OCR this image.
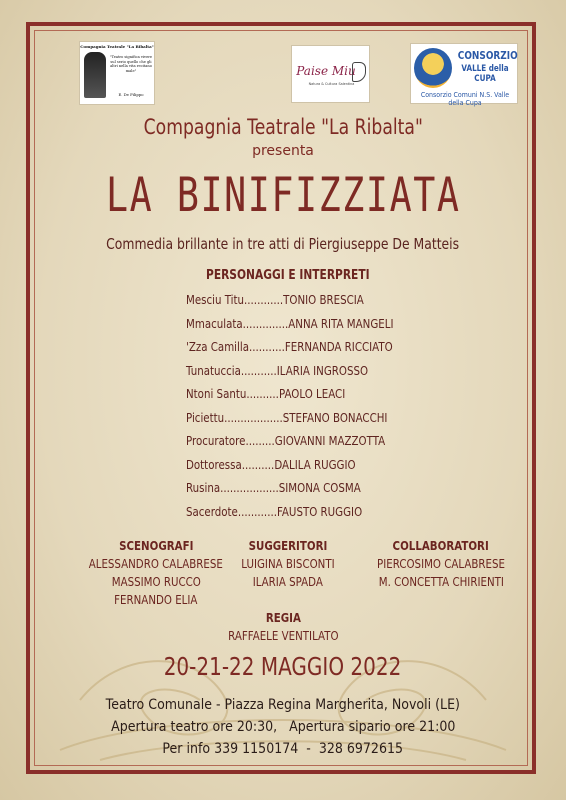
Compagnia Teatrale "La Ribalta"
"Teatro significa vivere sul serio quello che gli altri nella vita recitano male"
E. De Filippo
Paise Miu
Natura & Cultura Salentina
CONSORZIO
VALLE della CUPA
Consorzio Comuni N.S. Valle della Cupa
Compagnia Teatrale "La Ribalta"
presenta
LA BINIFIZZIATA
Commedia brillante in tre atti di Piergiuseppe De Matteis
PERSONAGGI E INTERPRETI
Mesciu Titu............TONIO BRESCIA
Mmaculata..............ANNA RITA MANGELI
'Zza Camilla...........FERNANDA RICCIATO
Tunatuccia...........ILARIA INGROSSO
Ntoni Santu..........PAOLO LEACI
Piciettu..................STEFANO BONACCHI
Procuratore.........GIOVANNI MAZZOTTA
Dottoressa..........DALILA RUGGIO
Rusina..................SIMONA COSMA
Sacerdote............FAUSTO RUGGIO
SCENOGRAFI
ALESSANDRO CALABRESE
MASSIMO RUCCO
FERNANDO ELIA
SUGGERITORI
LUIGINA BISCONTI
ILARIA SPADA
COLLABORATORI
PIERCOSIMO CALABRESE
M. CONCETTA CHIRIENTI
REGIA
RAFFAELE VENTILATO
20-21-22 MAGGIO 2022
Teatro Comunale - Piazza Regina Margherita, Novoli (LE)
Apertura teatro ore 20:30,   Apertura sipario ore 21:00
Per info 339 1150174  -  328 6972615
